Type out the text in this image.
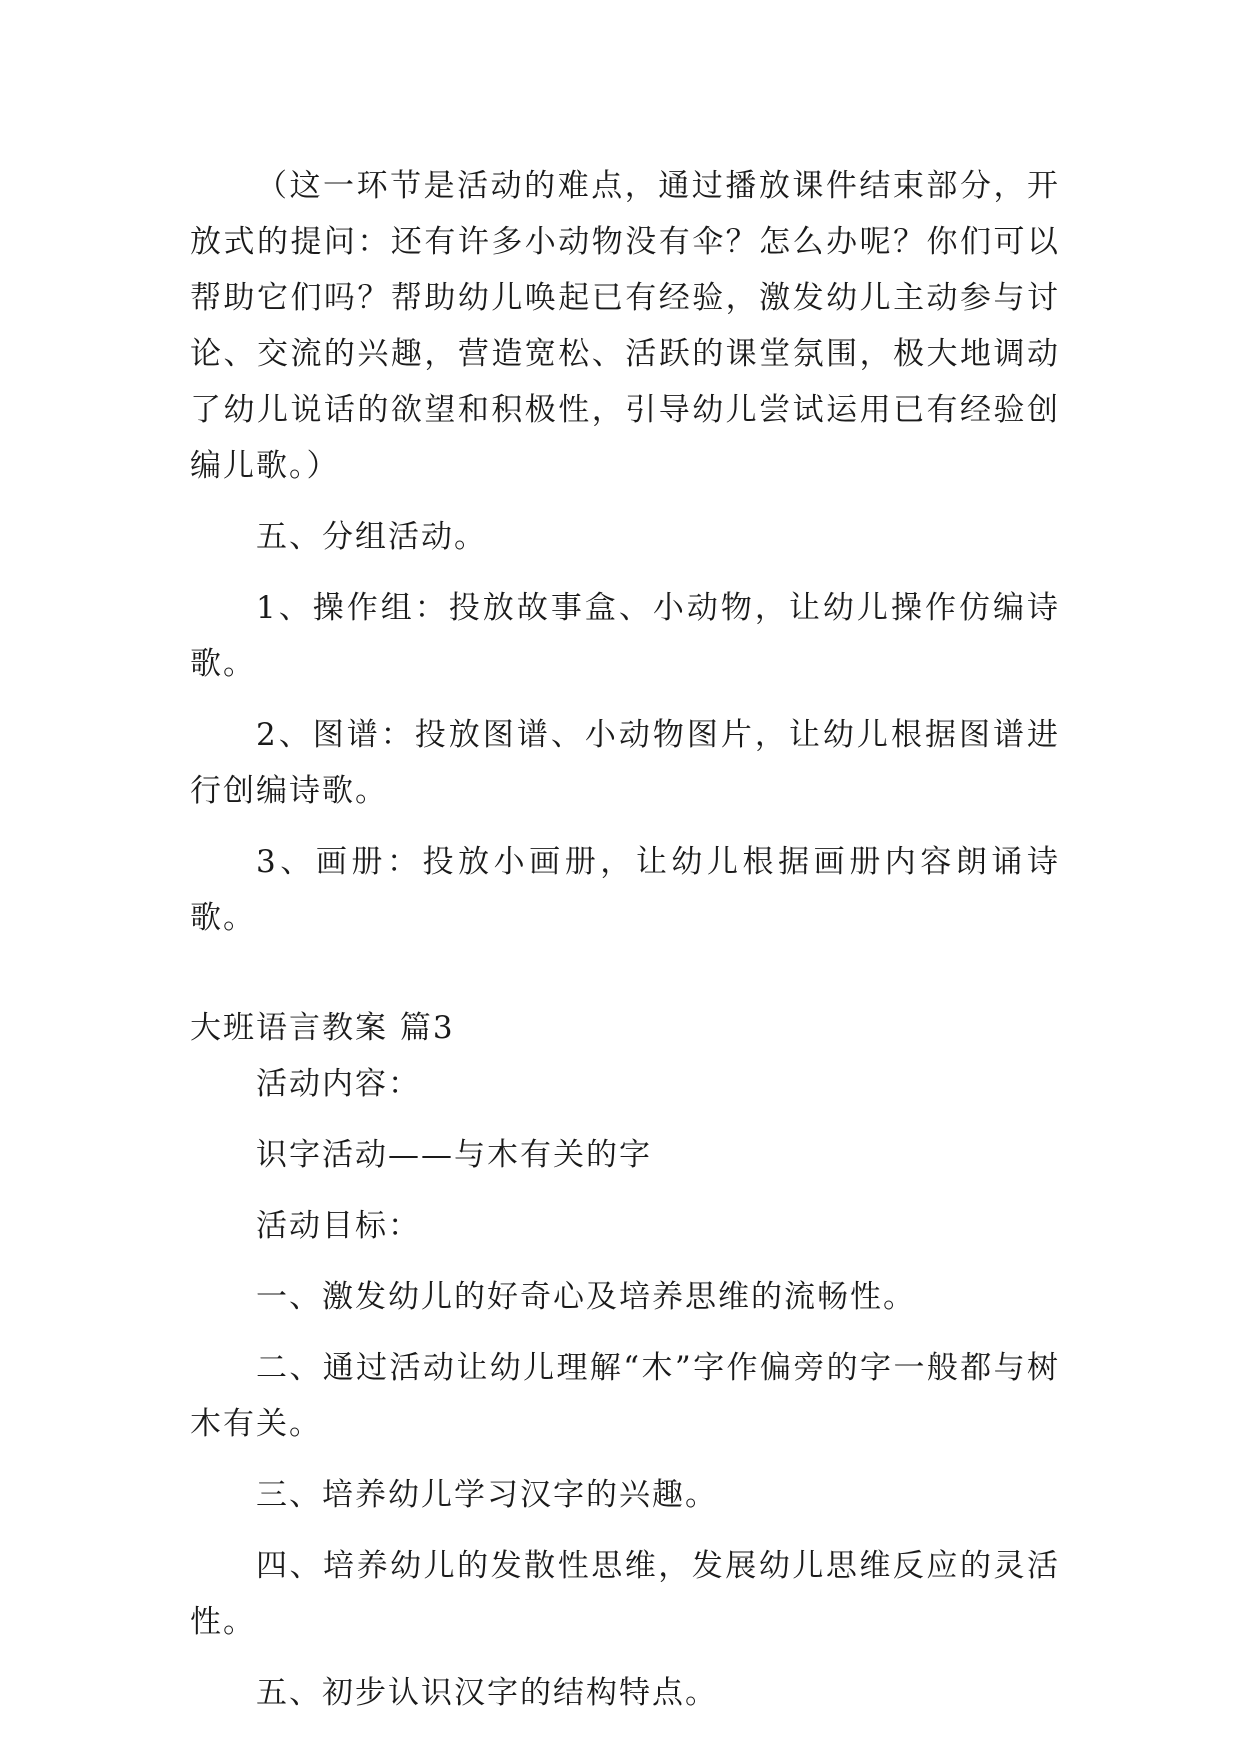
（这一环节是活动的难点，通过播放课件结束部分，开放式的提问：还有许多小动物没有伞？怎么办呢？你们可以帮助它们吗？帮助幼儿唤起已有经验，激发幼儿主动参与讨论、交流的兴趣，营造宽松、活跃的课堂氛围，极大地调动了幼儿说话的欲望和积极性，引导幼儿尝试运用已有经验创编儿歌。）

五、分组活动。

1、操作组：投放故事盒、小动物，让幼儿操作仿编诗歌。

2、图谱：投放图谱、小动物图片，让幼儿根据图谱进行创编诗歌。

3、画册：投放小画册，让幼儿根据画册内容朗诵诗歌。

大班语言教案 篇3

活动内容：

识字活动——与木有关的字

活动目标：

一、激发幼儿的好奇心及培养思维的流畅性。

二、通过活动让幼儿理解“木”字作偏旁的字一般都与树木有关。

三、培养幼儿学习汉字的兴趣。

四、培养幼儿的发散性思维，发展幼儿思维反应的灵活性。

五、初步认识汉字的结构特点。
